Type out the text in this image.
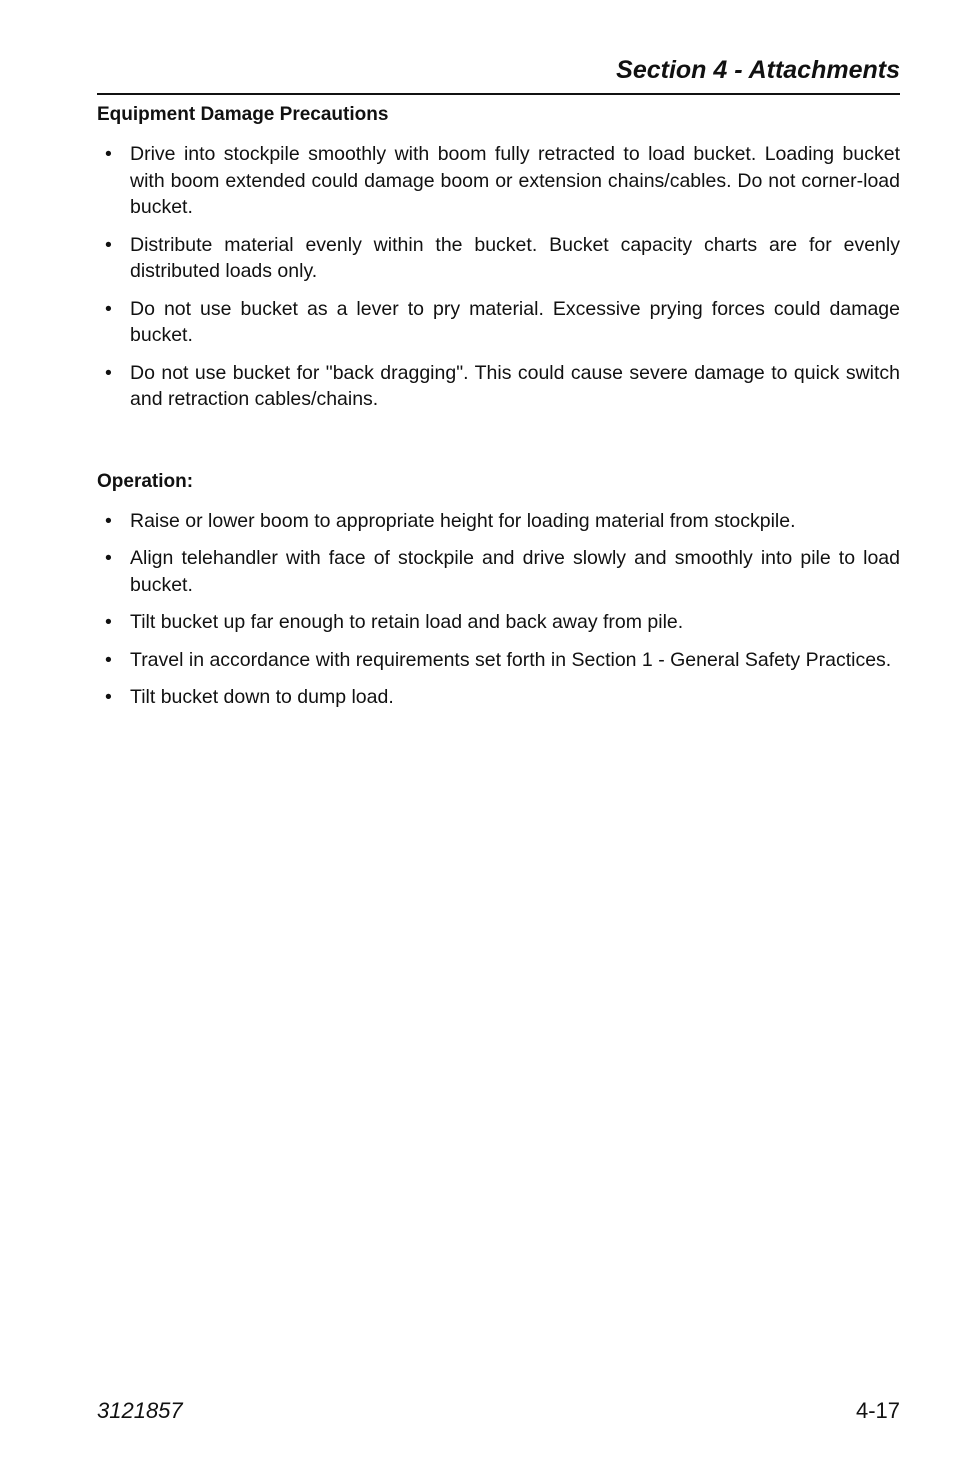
Section 4 - Attachments
Equipment Damage Precautions
• Drive into stockpile smoothly with boom fully retracted to load bucket. Loading bucket with boom extended could damage boom or extension chains/cables. Do not corner-load bucket.
• Distribute material evenly within the bucket. Bucket capacity charts are for evenly distributed loads only.
• Do not use bucket as a lever to pry material. Excessive prying forces could damage bucket.
• Do not use bucket for "back dragging". This could cause severe damage to quick switch and retraction cables/chains.
Operation:
• Raise or lower boom to appropriate height for loading material from stockpile.
• Align telehandler with face of stockpile and drive slowly and smoothly into pile to load bucket.
• Tilt bucket up far enough to retain load and back away from pile.
• Travel in accordance with requirements set forth in Section 1 - General Safety Practices.
• Tilt bucket down to dump load.
3121857	4-17
